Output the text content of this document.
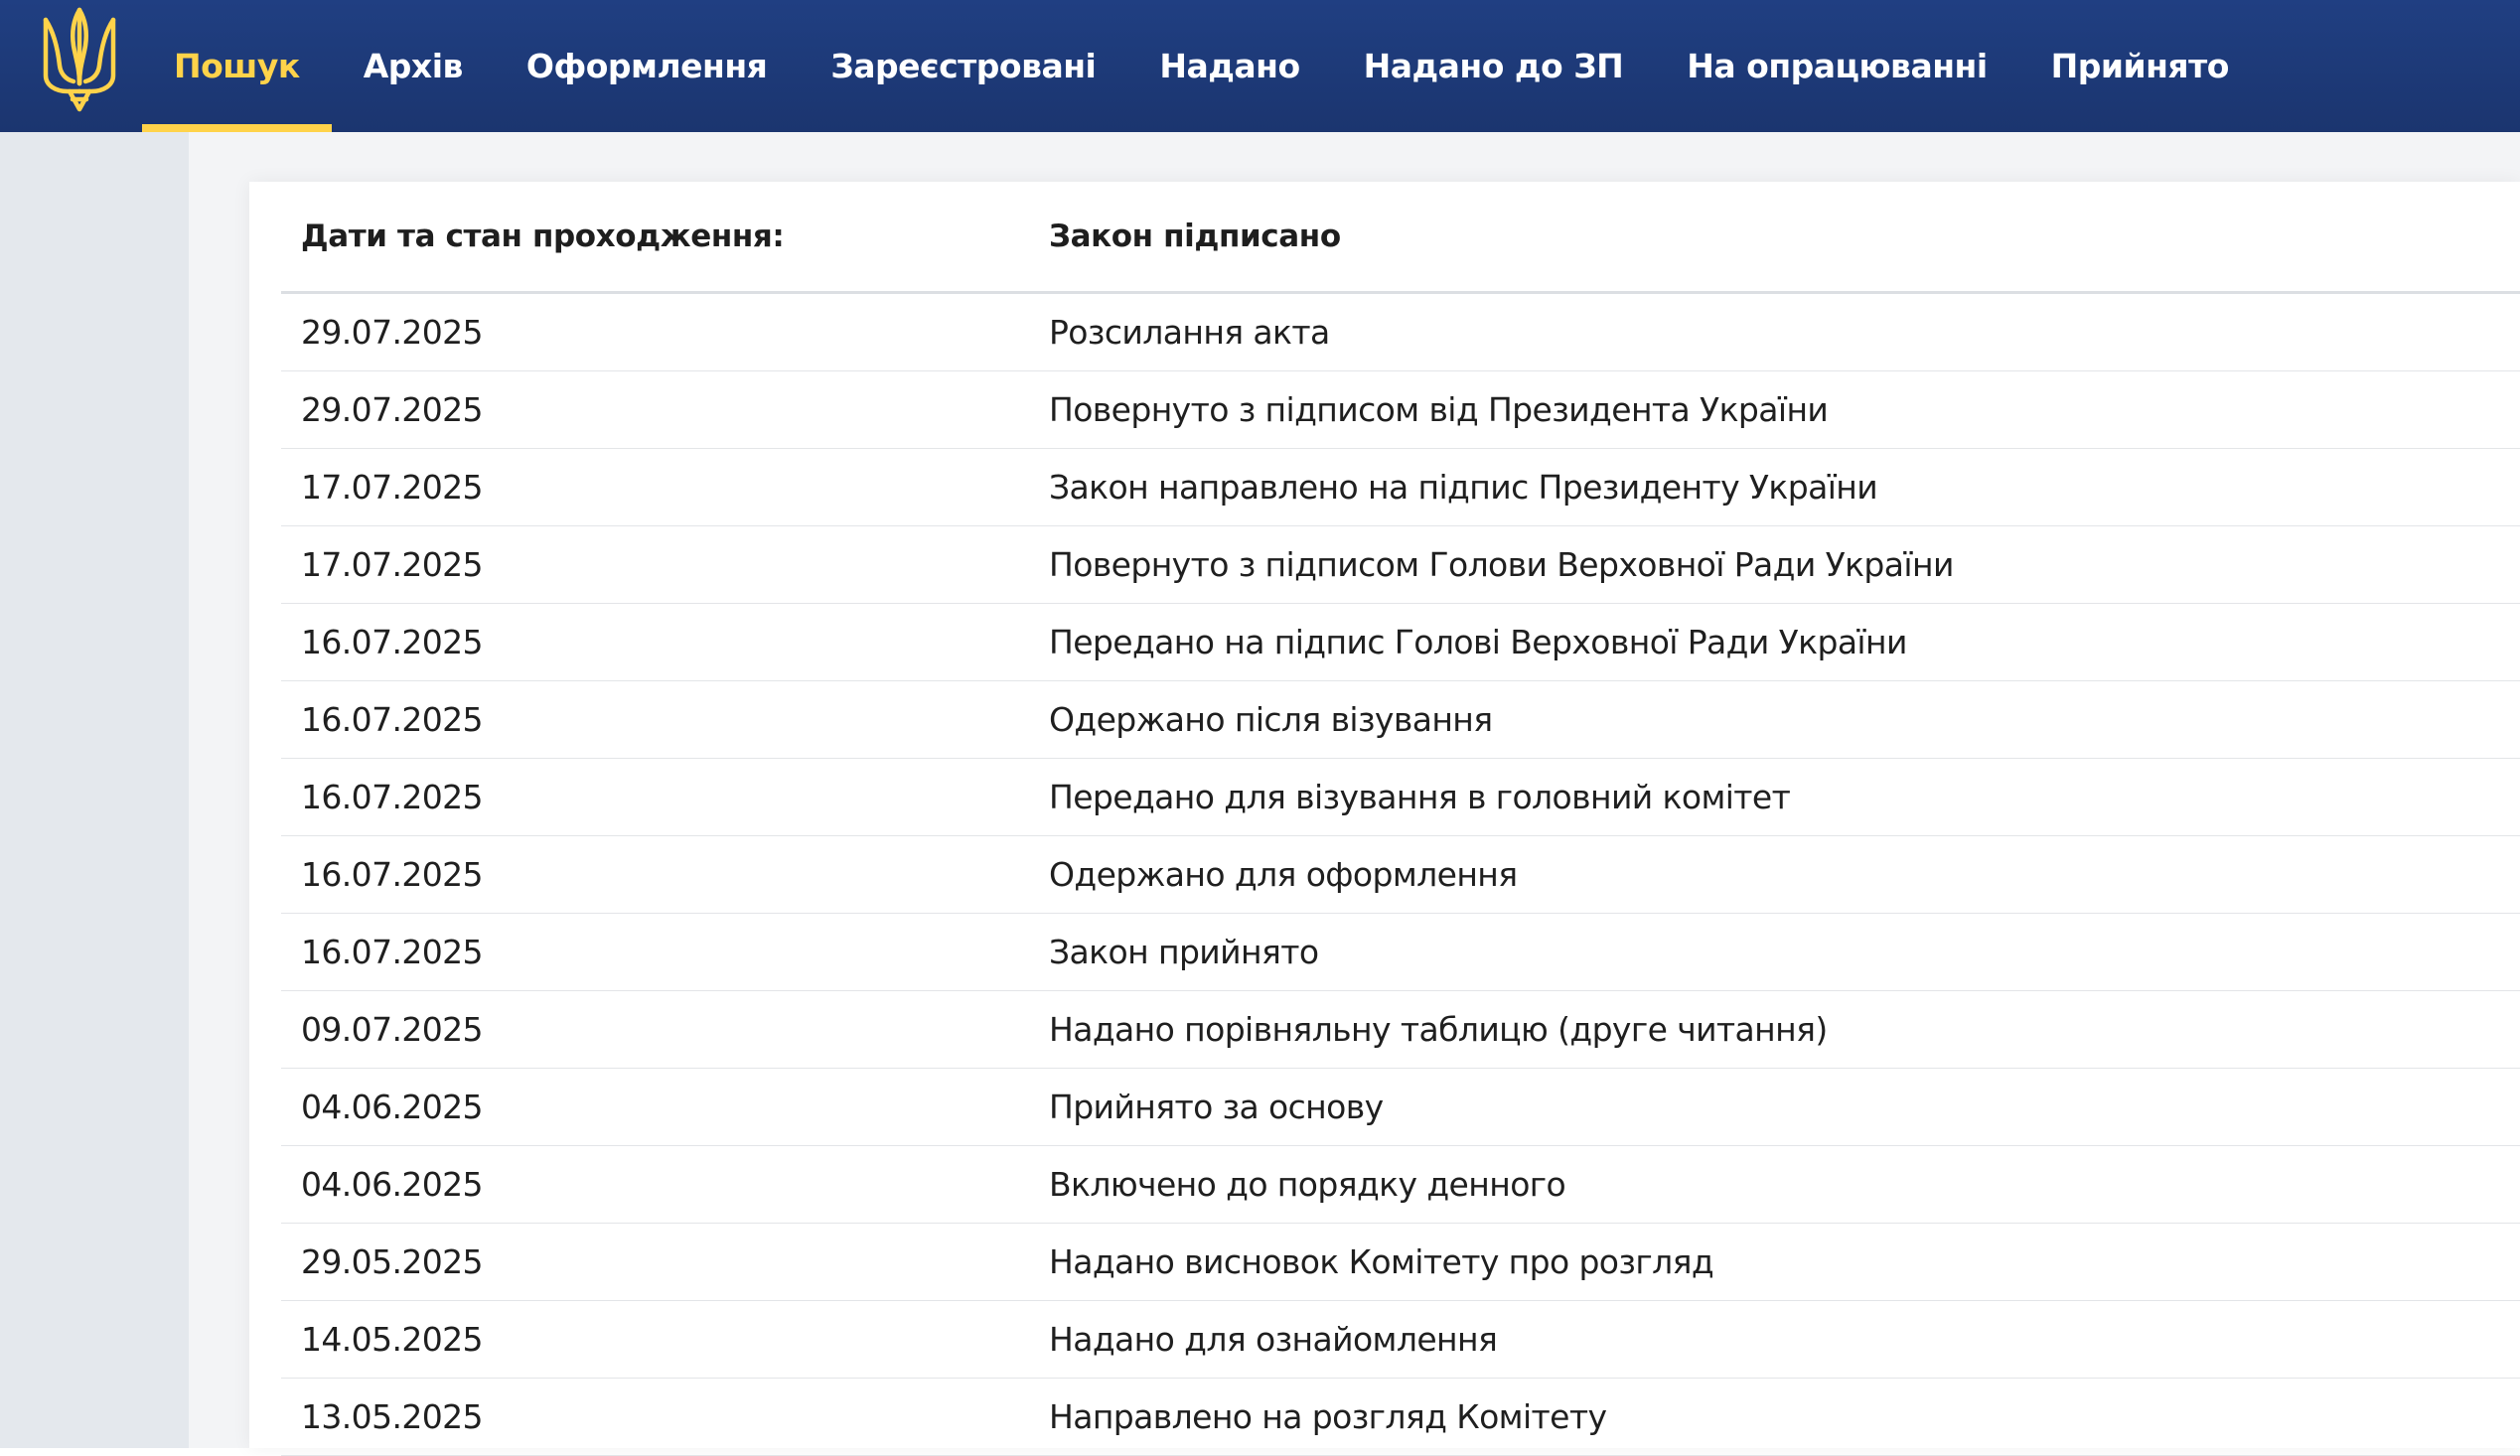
Пошук	Архів	Оформлення	Зареєстровані	Надано	Надано до ЗП	На опрацюванні	Прийнято
Дати та стан проходження:	Закон підписано
29.07.2025	Розсилання акта
29.07.2025	Повернуто з підписом від Президента України
17.07.2025	Закон направлено на підпис Президенту України
17.07.2025	Повернуто з підписом Голови Верховної Ради України
16.07.2025	Передано на підпис Голові Верховної Ради України
16.07.2025	Одержано після візування
16.07.2025	Передано для візування в головний комітет
16.07.2025	Одержано для оформлення
16.07.2025	Закон прийнято
09.07.2025	Надано порівняльну таблицю (друге читання)
04.06.2025	Прийнято за основу
04.06.2025	Включено до порядку денного
29.05.2025	Надано висновок Комітету про розгляд
14.05.2025	Надано для ознайомлення
13.05.2025	Направлено на розгляд Комітету
